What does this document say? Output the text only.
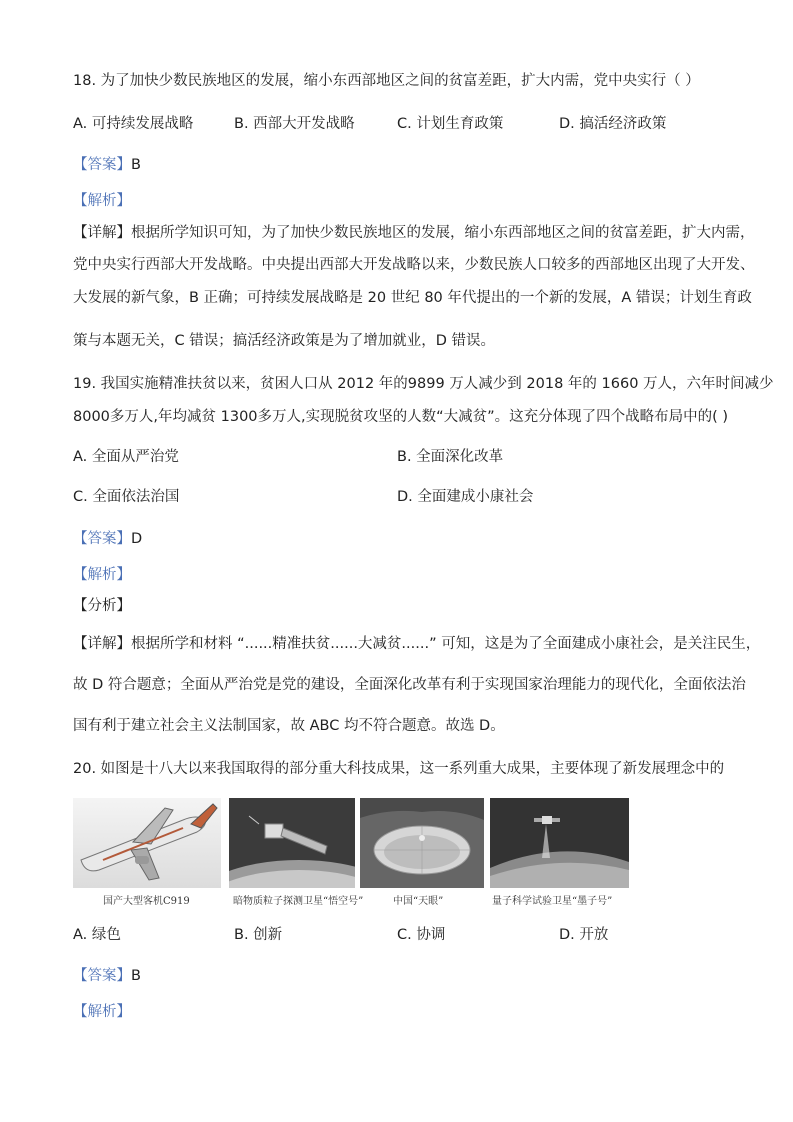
18. 为了加快少数民族地区的发展，缩小东西部地区之间的贫富差距，扩大内需，党中央实行（ ）
A. 可持续发展战略	B. 西部大开发战略	C. 计划生育政策	D. 搞活经济政策
【答案】B
【解析】
【详解】根据所学知识可知，为了加快少数民族地区的发展，缩小东西部地区之间的贫富差距，扩大内需，
党中央实行西部大开发战略。中央提出西部大开发战略以来，少数民族人口较多的西部地区出现了大开发、
大发展的新气象，B 正确；可持续发展战略是 20 世纪 80 年代提出的一个新的发展，A 错误；计划生育政
策与本题无关，C 错误；搞活经济政策是为了增加就业，D 错误。
19. 我国实施精准扶贫以来，贫困人口从 2012 年的9899 万人减少到 2018 年的 1660 万人，六年时间减少
8000多万人,年均减贫 1300多万人,实现脱贫攻坚的人数“大减贫”。这充分体现了四个战略布局中的( )
A. 全面从严治党	B. 全面深化改革
C. 全面依法治国	D. 全面建成小康社会
【答案】D
【解析】
【分析】
【详解】根据所学和材料 “......精准扶贫......大减贫......” 可知，这是为了全面建成小康社会，是关注民生，
故 D 符合题意；全面从严治党是党的建设，全面深化改革有利于实现国家治理能力的现代化，全面依法治
国有利于建立社会主义法制国家，故 ABC 均不符合题意。故选 D。
20. 如图是十八大以来我国取得的部分重大科技成果，这一系列重大成果，主要体现了新发展理念中的
国产大型客机C919	暗物质粒子探测卫星“悟空号”	中国“天眼”	量子科学试验卫星“墨子号”
A. 绿色	B. 创新	C. 协调	D. 开放
【答案】B
【解析】
